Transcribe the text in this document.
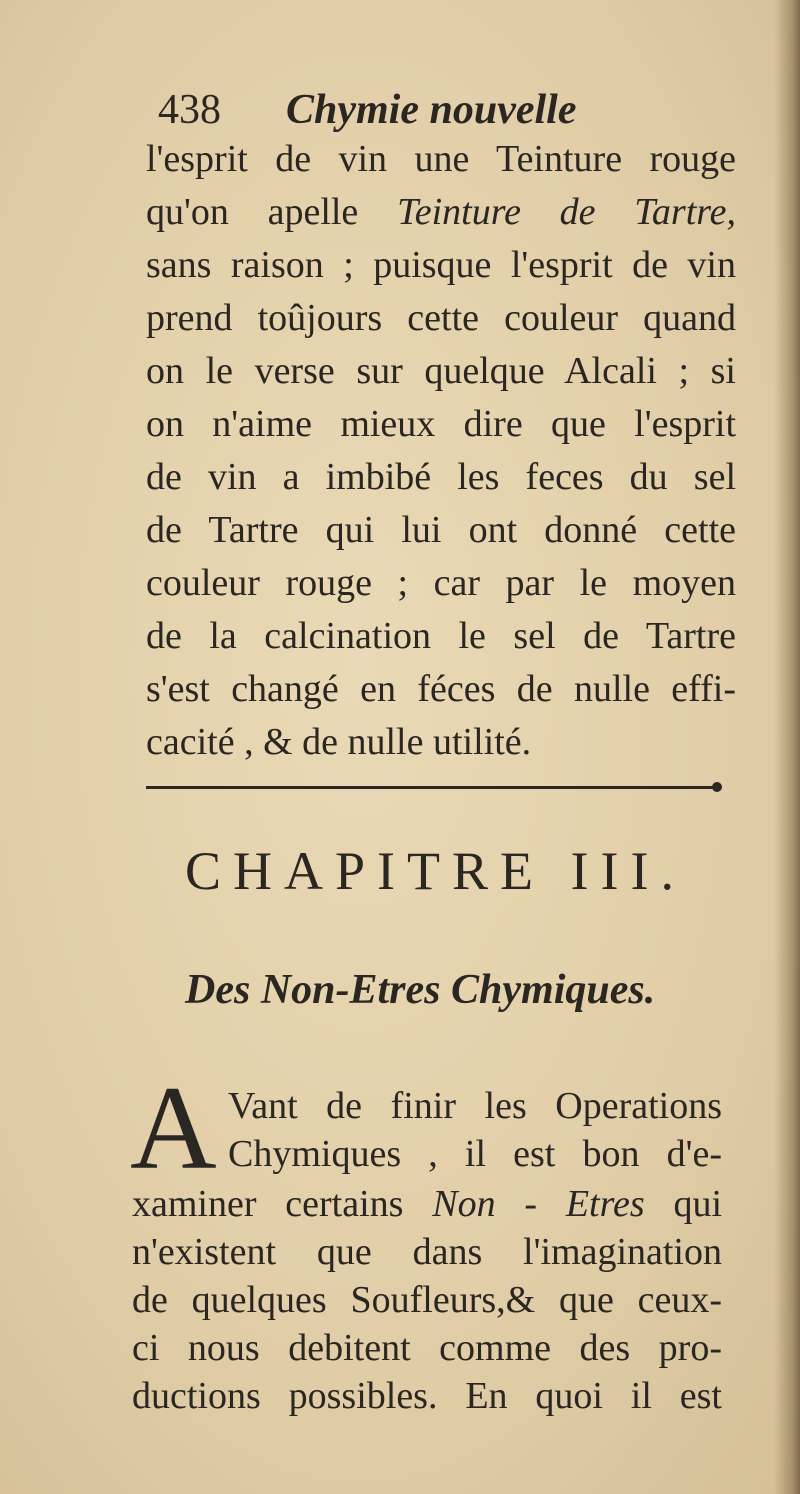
438 Chymie nouvelle
l'esprit de vin une Teinture rouge
qu'on apelle Teinture de Tartre,
sans raison ; puisque l'esprit de vin
prend toûjours cette couleur quand
on le verse sur quelque Alcali ; si
on n'aime mieux dire que l'esprit
de vin a imbibé les feces du sel
de Tartre qui lui ont donné cette
couleur rouge ; car par le moyen
de la calcination le sel de Tartre
s'est changé en féces de nulle effi-
cacité , & de nulle utilité.
CHAPITRE III.
Des Non-Etres Chymiques.
A Vant de finir les Operations
Chymiques , il est bon d'e-
xaminer certains Non - Etres qui
n'existent que dans l'imagination
de quelques Soufleurs,& que ceux-
ci nous debitent comme des pro-
ductions possibles. En quoi il est
